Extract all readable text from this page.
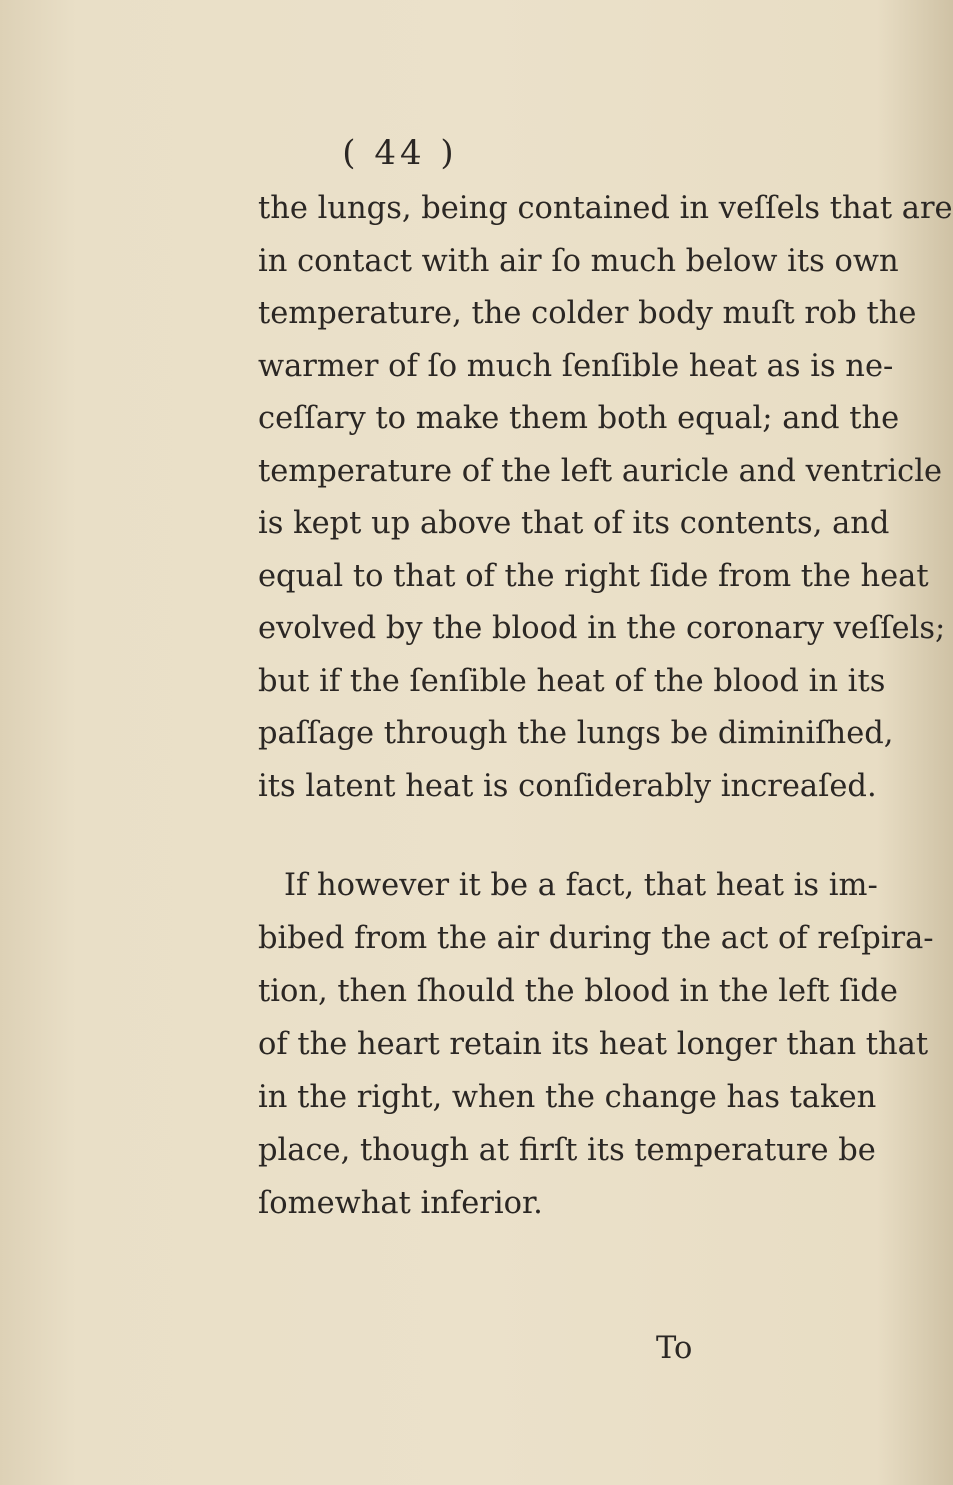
( 44 )
the lungs, being contained in veſſels that are
in contact with air ſo much below its own
temperature, the colder body muſt rob the
warmer of ſo much ſenſible heat as is ne-
ceſſary to make them both equal; and the
temperature of the left auricle and ventricle
is kept up above that of its contents, and
equal to that of the right ſide from the heat
evolved by the blood in the coronary veſſels;
but if the ſenſible heat of the blood in its
paſſage through the lungs be diminiſhed,
its latent heat is conſiderably increaſed.
If however it be a fact, that heat is im-
bibed from the air during the act of reſpira-
tion, then ſhould the blood in the left ſide
of the heart retain its heat longer than that
in the right, when the change has taken
place, though at firſt its temperature be
ſomewhat inferior.
To
